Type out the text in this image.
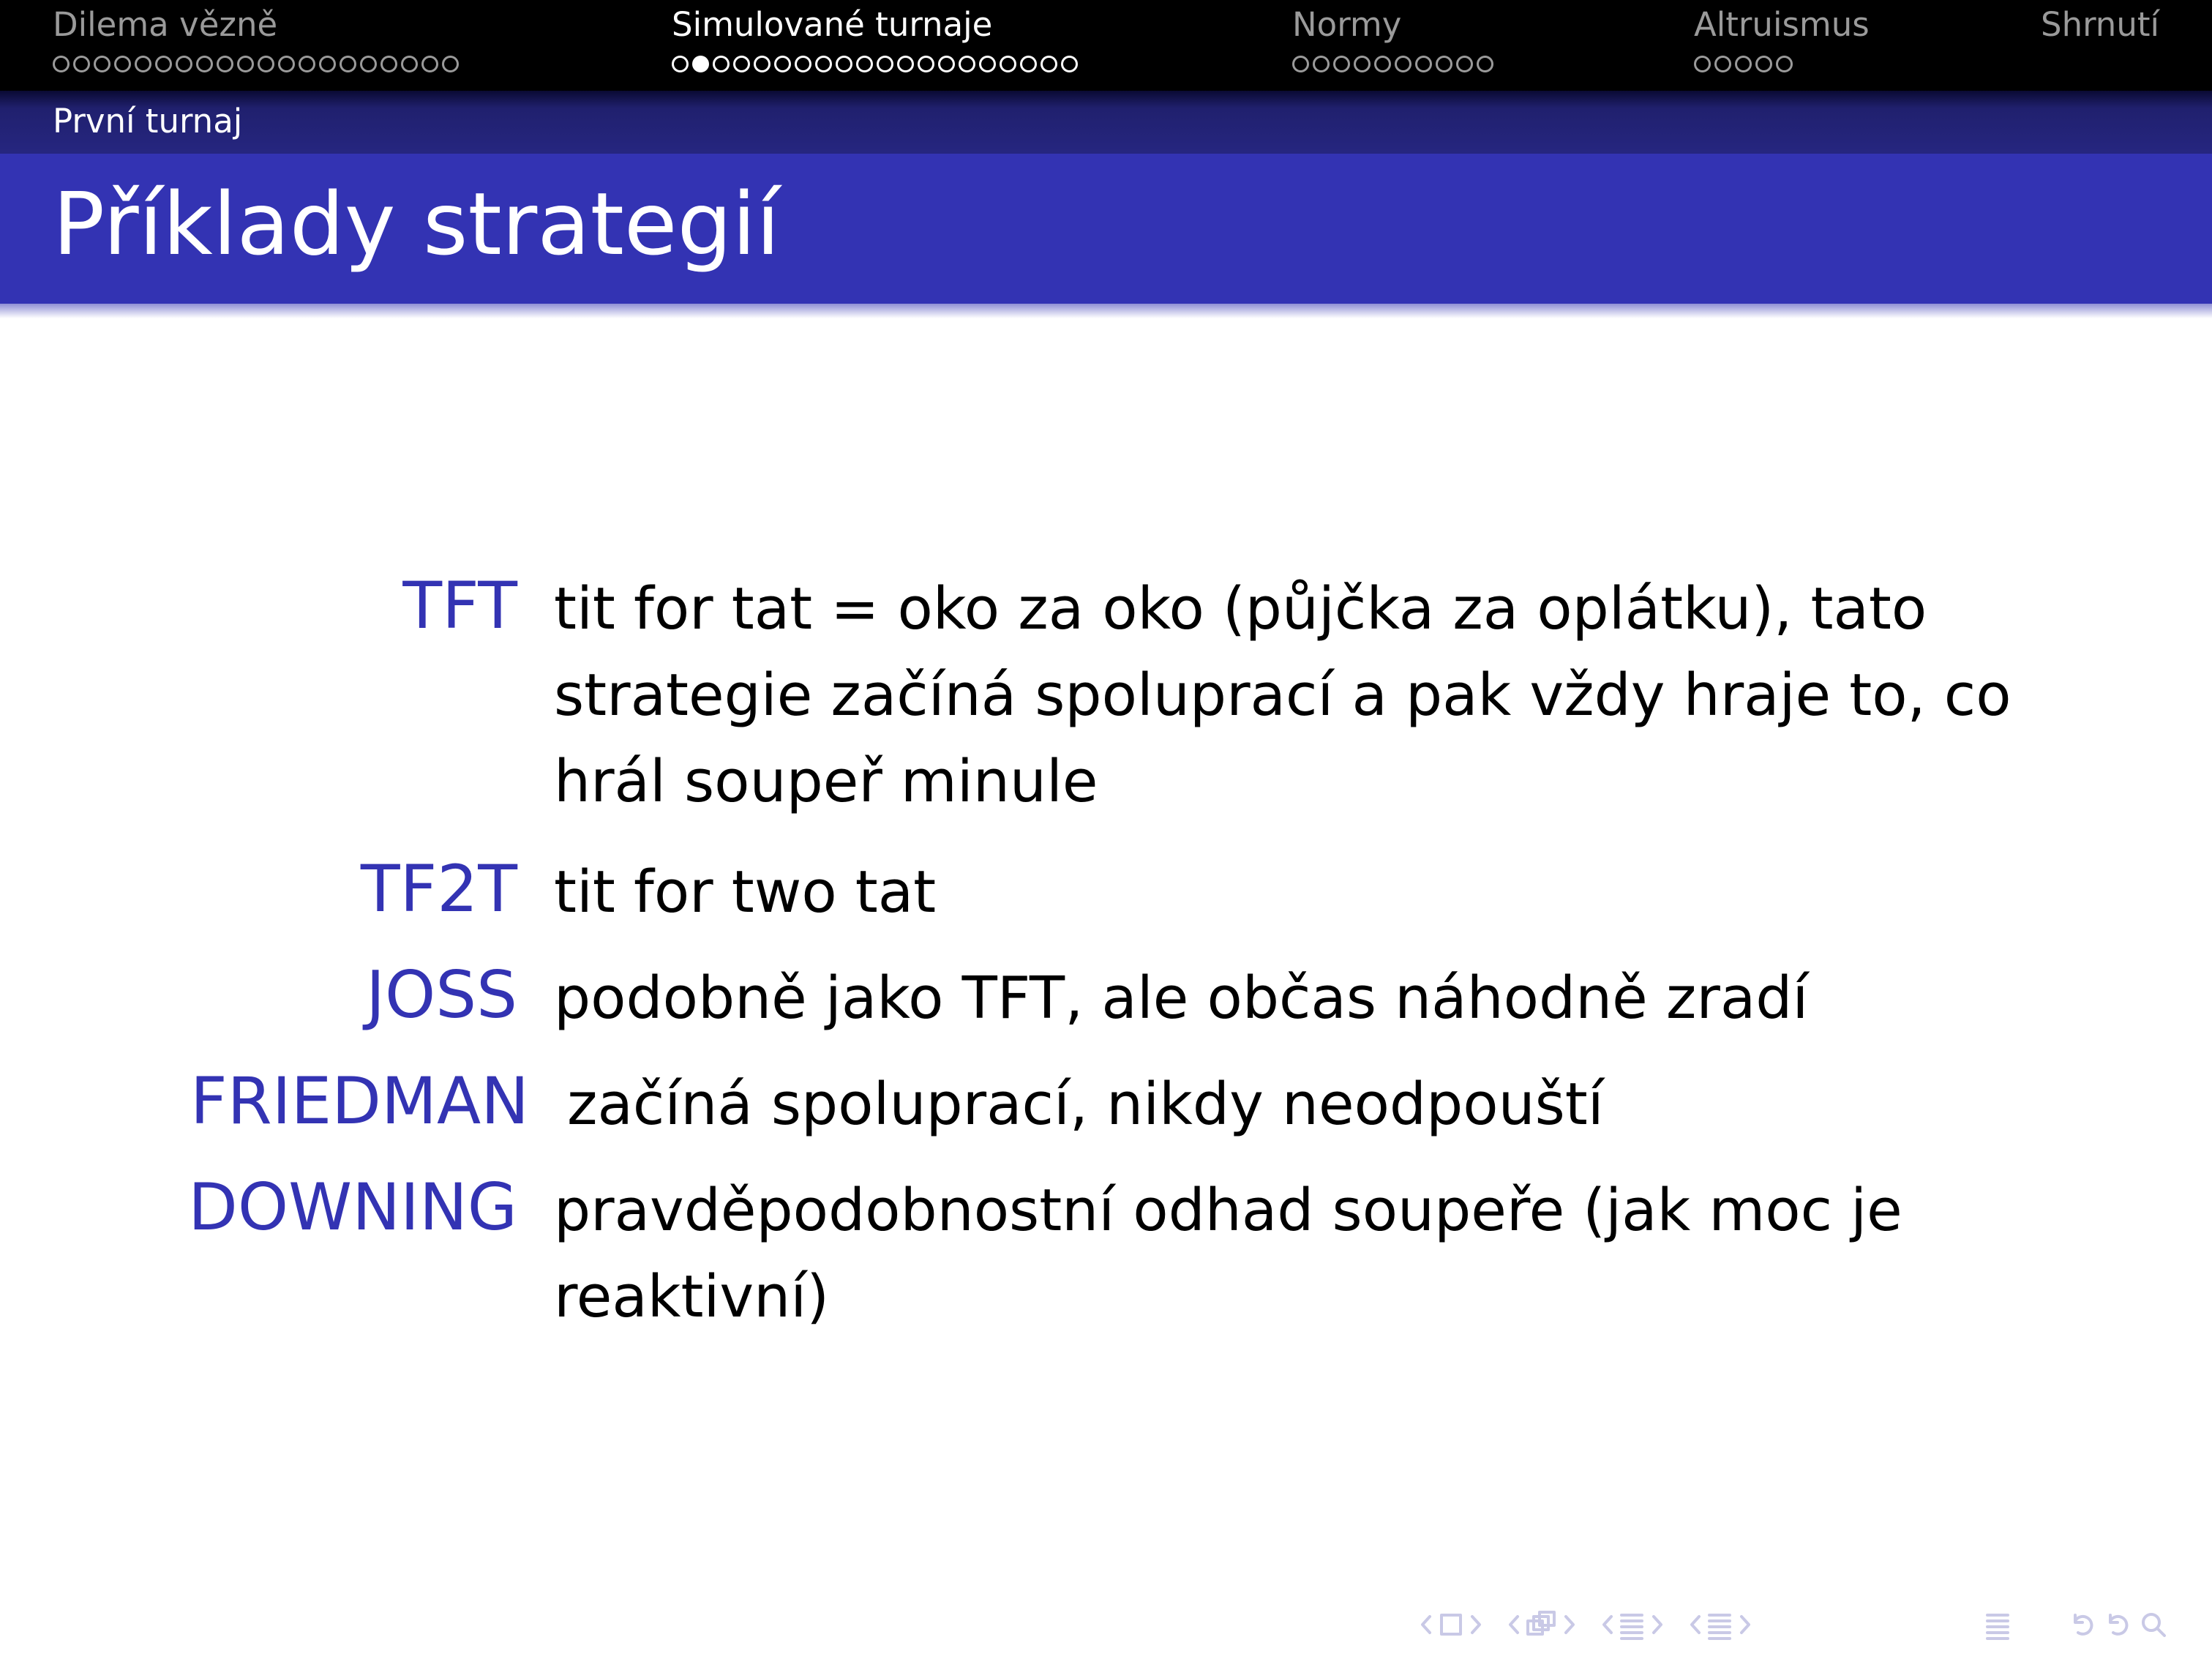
Dilema vězně	Simulované turnaje	Normy	Altruismus	Shrnutí
První turnaj
Příklady strategií
TFT tit for tat = oko za oko (půjčka za oplátku), tato
strategie začíná spoluprací a pak vždy hraje to, co
hrál soupeř minule
TF2T tit for two tat
JOSS podobně jako TFT, ale občas náhodně zradí
FRIEDMAN začíná spoluprací, nikdy neodpouští
DOWNING pravděpodobnostní odhad soupeře (jak moc je
reaktivní)
